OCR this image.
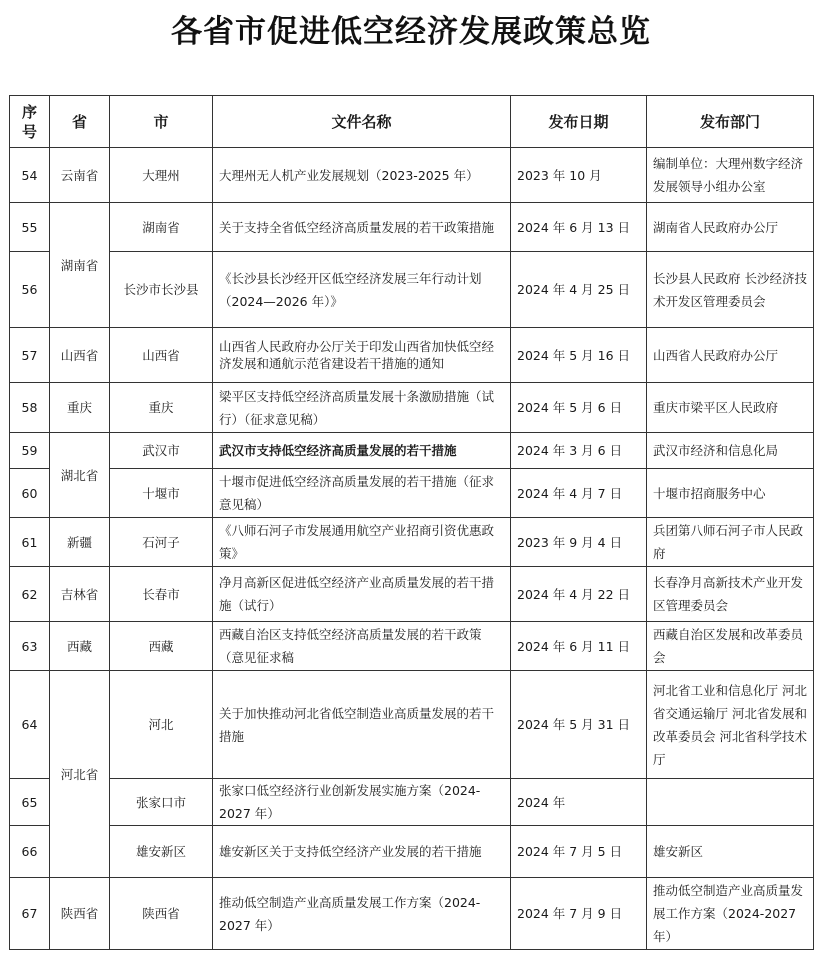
各省市促进低空经济发展政策总览
序
号	省	市	文件名称	发布日期	发布部门
54	云南省	大理州	大理州无人机产业发展规划（2023-2025 年）	2023 年 10 月	编制单位：大理州数字经济发展领导小组办公室
55	湖南省	湖南省	关于支持全省低空经济高质量发展的若干政策措施	2024 年 6 月 13 日	湖南省人民政府办公厅
56		长沙市长沙县	《长沙县长沙经开区低空经济发展三年行动计划（2024—2026 年）》	2024 年 4 月 25 日	长沙县人民政府 长沙经济技术开发区管理委员会
57	山西省	山西省	山西省人民政府办公厅关于印发山西省加快低空经济发展和通航示范省建设若干措施的通知	2024 年 5 月 16 日	山西省人民政府办公厅
58	重庆	重庆	梁平区支持低空经济高质量发展十条激励措施（试行）（征求意见稿）	2024 年 5 月 6 日	重庆市梁平区人民政府
59	湖北省	武汉市	武汉市支持低空经济高质量发展的若干措施	2024 年 3 月 6 日	武汉市经济和信息化局
60		十堰市	十堰市促进低空经济高质量发展的若干措施（征求意见稿）	2024 年 4 月 7 日	十堰市招商服务中心
61	新疆	石河子	《八师石河子市发展通用航空产业招商引资优惠政策》	2023 年 9 月 4 日	兵团第八师石河子市人民政府
62	吉林省	长春市	净月高新区促进低空经济产业高质量发展的若干措施（试行）	2024 年 4 月 22 日	长春净月高新技术产业开发区管理委员会
63	西藏	西藏	西藏自治区支持低空经济高质量发展的若干政策（意见征求稿	2024 年 6 月 11 日	西藏自治区发展和改革委员会
64	河北省	河北	关于加快推动河北省低空制造业高质量发展的若干措施	2024 年 5 月 31 日	河北省工业和信息化厅 河北省交通运输厅 河北省发展和改革委员会 河北省科学技术厅
65		张家口市	张家口低空经济行业创新发展实施方案（2024-2027 年）	2024 年	
66		雄安新区	雄安新区关于支持低空经济产业发展的若干措施	2024 年 7 月 5 日	雄安新区
67	陕西省	陕西省	推动低空制造产业高质量发展工作方案（2024-2027 年）	2024 年 7 月 9 日	推动低空制造产业高质量发展工作方案（2024-2027 年）
